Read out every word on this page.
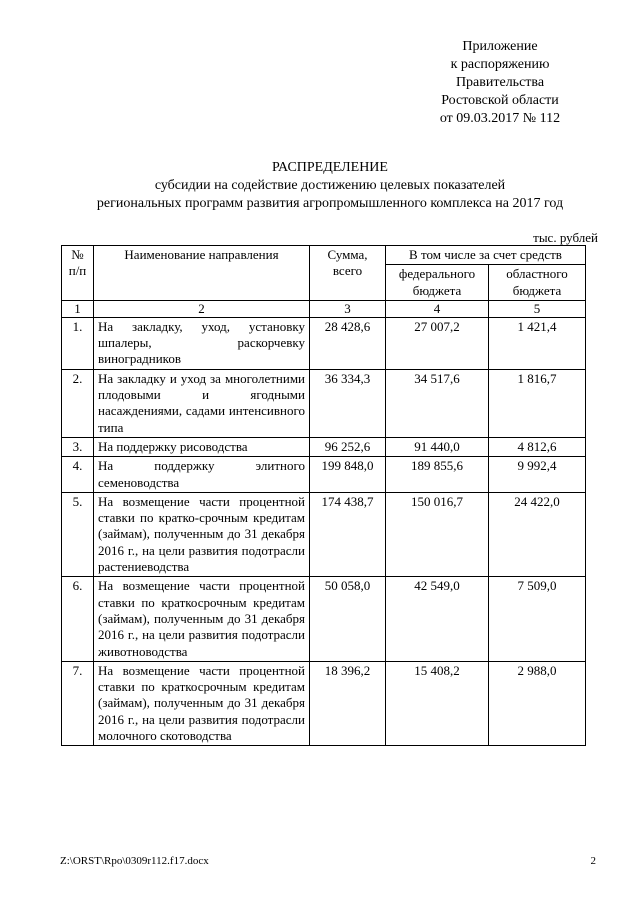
Приложение
к распоряжению
Правительства
Ростовской области
от 09.03.2017 № 112
РАСПРЕДЕЛЕНИЕ
субсидии на содействие достижению целевых показателей
региональных программ развития агропромышленного комплекса на 2017 год
тыс. рублей
№ п/п	Наименование направления	Сумма, всего	В том числе за счет средств	
			федерального бюджета	областного бюджета
1	2	3	4	5
1.	На закладку, уход, установку шпалеры, раскорчевку виноградников	28 428,6	27 007,2	1 421,4
2.	На закладку и уход за многолетними плодовыми и ягодными насаждениями, садами интенсивного типа	36 334,3	34 517,6	1 816,7
3.	На поддержку рисоводства	96 252,6	91 440,0	4 812,6
4.	На поддержку элитного семеноводства	199 848,0	189 855,6	9 992,4
5.	На возмещение части процентной ставки по кратко-срочным кредитам (займам), полученным до 31 декабря 2016 г., на цели развития подотрасли растениеводства	174 438,7	150 016,7	24 422,0
6.	На возмещение части процентной ставки по краткосрочным кредитам (займам), полученным до 31 декабря 2016 г., на цели развития подотрасли животноводства	50 058,0	42 549,0	7 509,0
7.	На возмещение части процентной ставки по краткосрочным кредитам (займам), полученным до 31 декабря 2016 г., на цели развития подотрасли молочного скотоводства	18 396,2	15 408,2	2 988,0
Z:\ORST\Rpo\0309r112.f17.docx	2
